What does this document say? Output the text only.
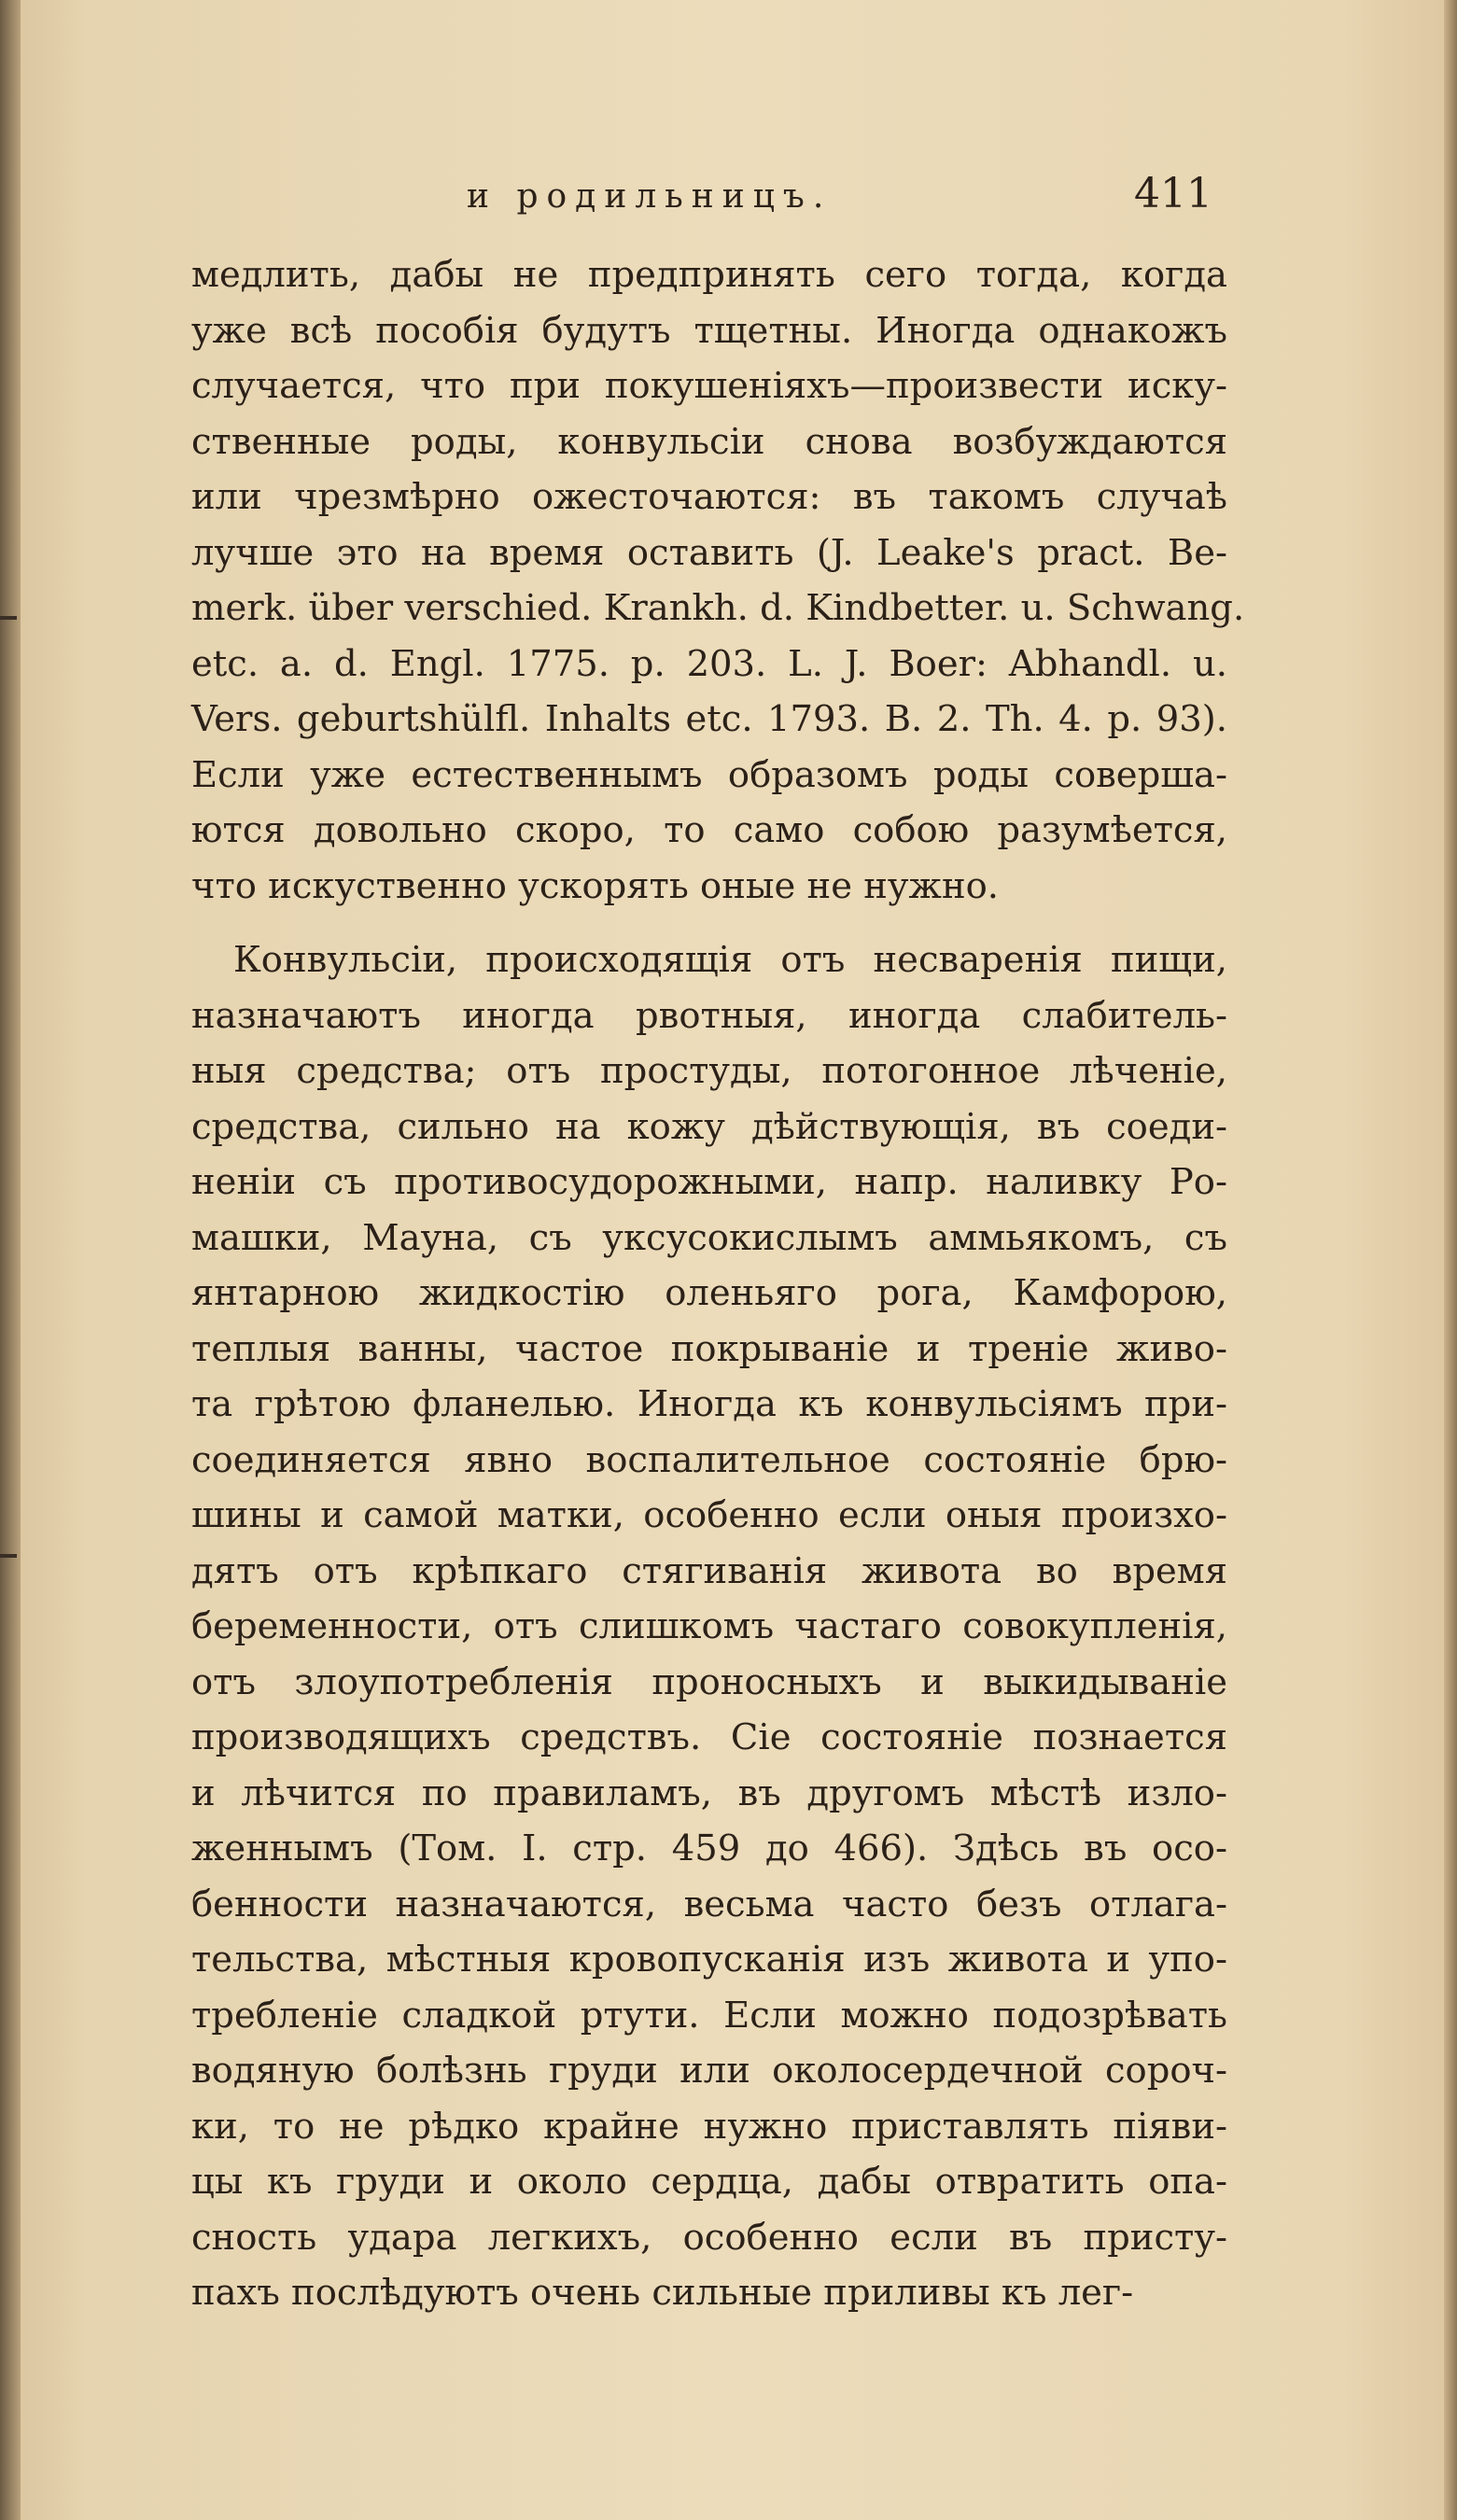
и родильницъ.	411
медлить, дабы не предпринять сего тогда, когда
уже всѣ пособія будутъ тщетны. Иногда однакожъ
случается, что при покушеніяхъ—произвести иску-
ственные роды, конвульсіи снова возбуждаются
или чрезмѣрно ожесточаются: въ такомъ случаѣ
лучше это на время оставить (J. Leake's pract. Be-
merk. über verschied. Krankh. d. Kindbetter. u. Schwang.
etc. a. d. Engl. 1775. p. 203. L. J. Boer: Abhandl. u.
Vers. geburtshülfl. Inhalts etc. 1793. B. 2. Th. 4. p. 93).
Если уже естественнымъ образомъ роды соверша-
ются довольно скоро, то само собою разумѣется,
что искуственно ускорять оные не нужно.
Конвульсіи, происходящія отъ несваренія пищи,
назначаютъ иногда рвотныя, иногда слабитель-
ныя средства; отъ простуды, потогонное лѣченіе,
средства, сильно на кожу дѣйствующія, въ соеди-
неніи съ противосудорожными, напр. наливку Ро-
машки, Мауна, съ уксусокислымъ аммьякомъ, съ
янтарною жидкостію оленьяго рога, Камфорою,
теплыя ванны, частое покрываніе и треніе живо-
та грѣтою фланелью. Иногда къ конвульсіямъ при-
соединяется явно воспалительное состояніе брю-
шины и самой матки, особенно если оныя произхо-
дятъ отъ крѣпкаго стягиванія живота во время
беременности, отъ слишкомъ частаго совокупленія,
отъ злоупотребленія проносныхъ и выкидываніе
производящихъ средствъ. Сіе состояніе познается
и лѣчится по правиламъ, въ другомъ мѣстѣ изло-
женнымъ (Том. I. стр. 459 до 466). Здѣсь въ осо-
бенности назначаются, весьма часто безъ отлага-
тельства, мѣстныя кровопусканія изъ живота и упо-
требленіе сладкой ртути. Если можно подозрѣвать
водяную болѣзнь груди или околосердечной сороч-
ки, то не рѣдко крайне нужно приставлять піяви-
цы къ груди и около сердца, дабы отвратить опа-
сность удара легкихъ, особенно если въ присту-
пахъ послѣдуютъ очень сильные приливы къ лег-
